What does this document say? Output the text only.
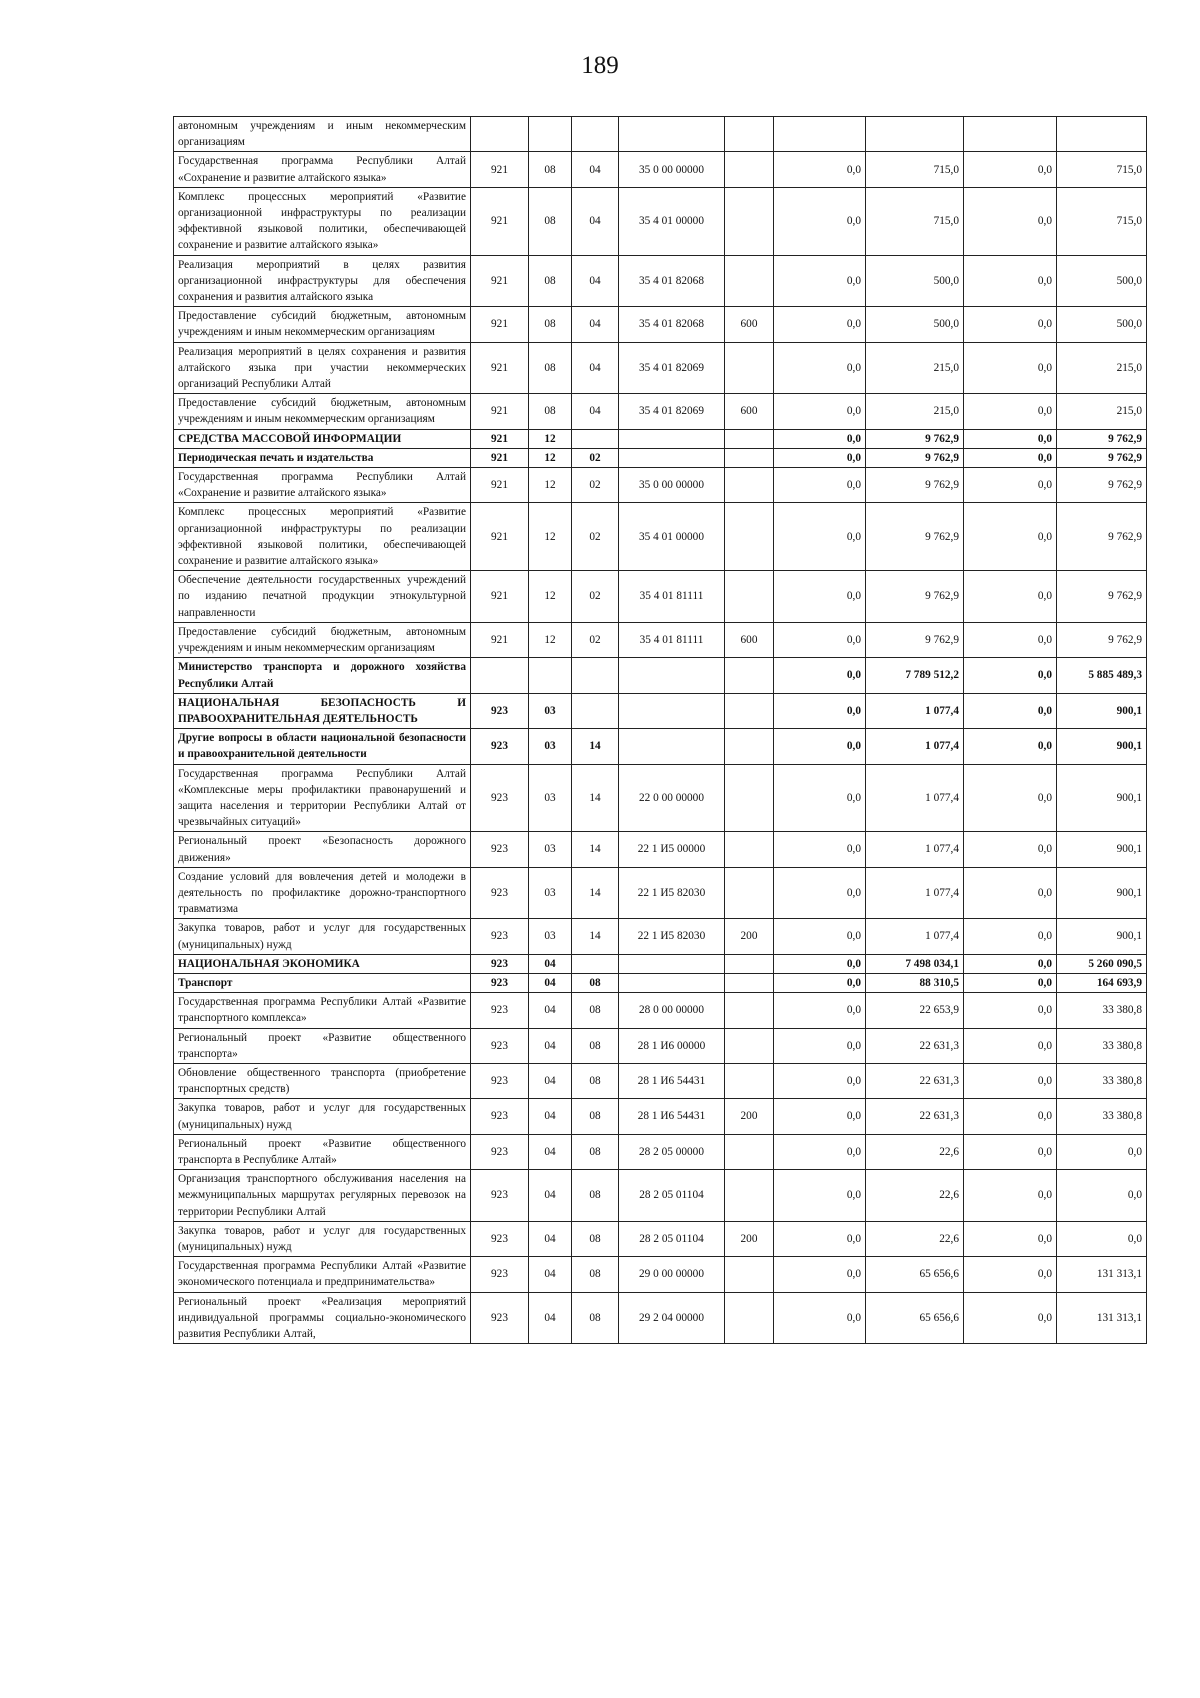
189
автономным учреждениям и иным некоммерческим организациям									
Государственная программа Республики Алтай «Сохранение и развитие алтайского языка»	921	08	04	35 0 00 00000		0,0	715,0	0,0	715,0
Комплекс процессных мероприятий «Развитие организационной инфраструктуры по реализации эффективной языковой политики, обеспечивающей сохранение и развитие алтайского языка»	921	08	04	35 4 01 00000		0,0	715,0	0,0	715,0
Реализация мероприятий в целях развития организационной инфраструктуры для обеспечения сохранения и развития алтайского языка	921	08	04	35 4 01 82068		0,0	500,0	0,0	500,0
Предоставление субсидий бюджетным, автономным учреждениям и иным некоммерческим организациям	921	08	04	35 4 01 82068	600	0,0	500,0	0,0	500,0
Реализация мероприятий в целях сохранения и развития алтайского языка при участии некоммерческих организаций Республики Алтай	921	08	04	35 4 01 82069		0,0	215,0	0,0	215,0
Предоставление субсидий бюджетным, автономным учреждениям и иным некоммерческим организациям	921	08	04	35 4 01 82069	600	0,0	215,0	0,0	215,0
СРЕДСТВА МАССОВОЙ ИНФОРМАЦИИ	921	12				0,0	9 762,9	0,0	9 762,9
Периодическая печать и издательства	921	12	02			0,0	9 762,9	0,0	9 762,9
Государственная программа Республики Алтай «Сохранение и развитие алтайского языка»	921	12	02	35 0 00 00000		0,0	9 762,9	0,0	9 762,9
Комплекс процессных мероприятий «Развитие организационной инфраструктуры по реализации эффективной языковой политики, обеспечивающей сохранение и развитие алтайского языка»	921	12	02	35 4 01 00000		0,0	9 762,9	0,0	9 762,9
Обеспечение деятельности государственных учреждений по изданию печатной продукции этнокультурной направленности	921	12	02	35 4 01 81111		0,0	9 762,9	0,0	9 762,9
Предоставление субсидий бюджетным, автономным учреждениям и иным некоммерческим организациям	921	12	02	35 4 01 81111	600	0,0	9 762,9	0,0	9 762,9
Министерство транспорта и дорожного хозяйства Республики Алтай						0,0	7 789 512,2	0,0	5 885 489,3
НАЦИОНАЛЬНАЯ БЕЗОПАСНОСТЬ И ПРАВООХРАНИТЕЛЬНАЯ ДЕЯТЕЛЬНОСТЬ	923	03				0,0	1 077,4	0,0	900,1
Другие вопросы в области национальной безопасности и правоохранительной деятельности	923	03	14			0,0	1 077,4	0,0	900,1
Государственная программа Республики Алтай «Комплексные меры профилактики правонарушений и защита населения и территории Республики Алтай от чрезвычайных ситуаций»	923	03	14	22 0 00 00000		0,0	1 077,4	0,0	900,1
Региональный проект «Безопасность дорожного движения»	923	03	14	22 1 И5 00000		0,0	1 077,4	0,0	900,1
Создание условий для вовлечения детей и молодежи в деятельность по профилактике дорожно-транспортного травматизма	923	03	14	22 1 И5 82030		0,0	1 077,4	0,0	900,1
Закупка товаров, работ и услуг для государственных (муниципальных) нужд	923	03	14	22 1 И5 82030	200	0,0	1 077,4	0,0	900,1
НАЦИОНАЛЬНАЯ ЭКОНОМИКА	923	04				0,0	7 498 034,1	0,0	5 260 090,5
Транспорт	923	04	08			0,0	88 310,5	0,0	164 693,9
Государственная программа Республики Алтай «Развитие транспортного комплекса»	923	04	08	28 0 00 00000		0,0	22 653,9	0,0	33 380,8
Региональный проект «Развитие общественного транспорта»	923	04	08	28 1 И6 00000		0,0	22 631,3	0,0	33 380,8
Обновление общественного транспорта (приобретение транспортных средств)	923	04	08	28 1 И6 54431		0,0	22 631,3	0,0	33 380,8
Закупка товаров, работ и услуг для государственных (муниципальных) нужд	923	04	08	28 1 И6 54431	200	0,0	22 631,3	0,0	33 380,8
Региональный проект «Развитие общественного транспорта в Республике Алтай»	923	04	08	28 2 05 00000		0,0	22,6	0,0	0,0
Организация транспортного обслуживания населения на межмуниципальных маршрутах регулярных перевозок на территории Республики Алтай	923	04	08	28 2 05 01104		0,0	22,6	0,0	0,0
Закупка товаров, работ и услуг для государственных (муниципальных) нужд	923	04	08	28 2 05 01104	200	0,0	22,6	0,0	0,0
Государственная программа Республики Алтай «Развитие экономического потенциала и предпринимательства»	923	04	08	29 0 00 00000		0,0	65 656,6	0,0	131 313,1
Региональный проект «Реализация мероприятий индивидуальной программы социально-экономического развития Республики Алтай,	923	04	08	29 2 04 00000		0,0	65 656,6	0,0	131 313,1
